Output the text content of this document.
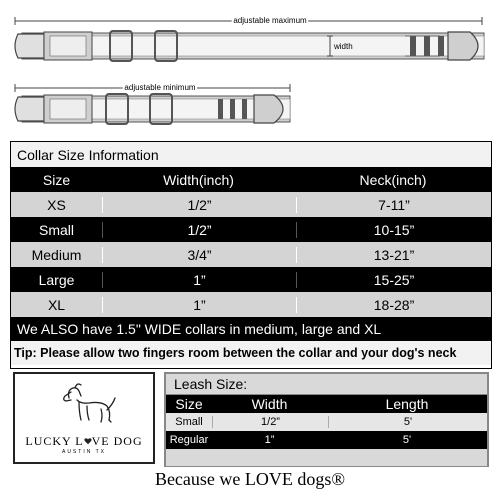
adjustable maximum
width
adjustable minimum
Collar Size Information
Size	Width(inch)	Neck(inch)
XS	1/2”	7-11”
Small	1/2”	10-15”
Medium	3/4”	13-21”
Large	1”	15-25”
XL	1”	18-28”
We ALSO have 1.5" WIDE collars in medium, large and XL
Tip: Please allow two fingers room between the collar and your dog's neck
LUCKY L VE DOG
AUSTIN TX
Leash Size:
Size	Width	Length
Small	1/2”	5'
Regular	1”	5'
Because we LOVE dogs®
